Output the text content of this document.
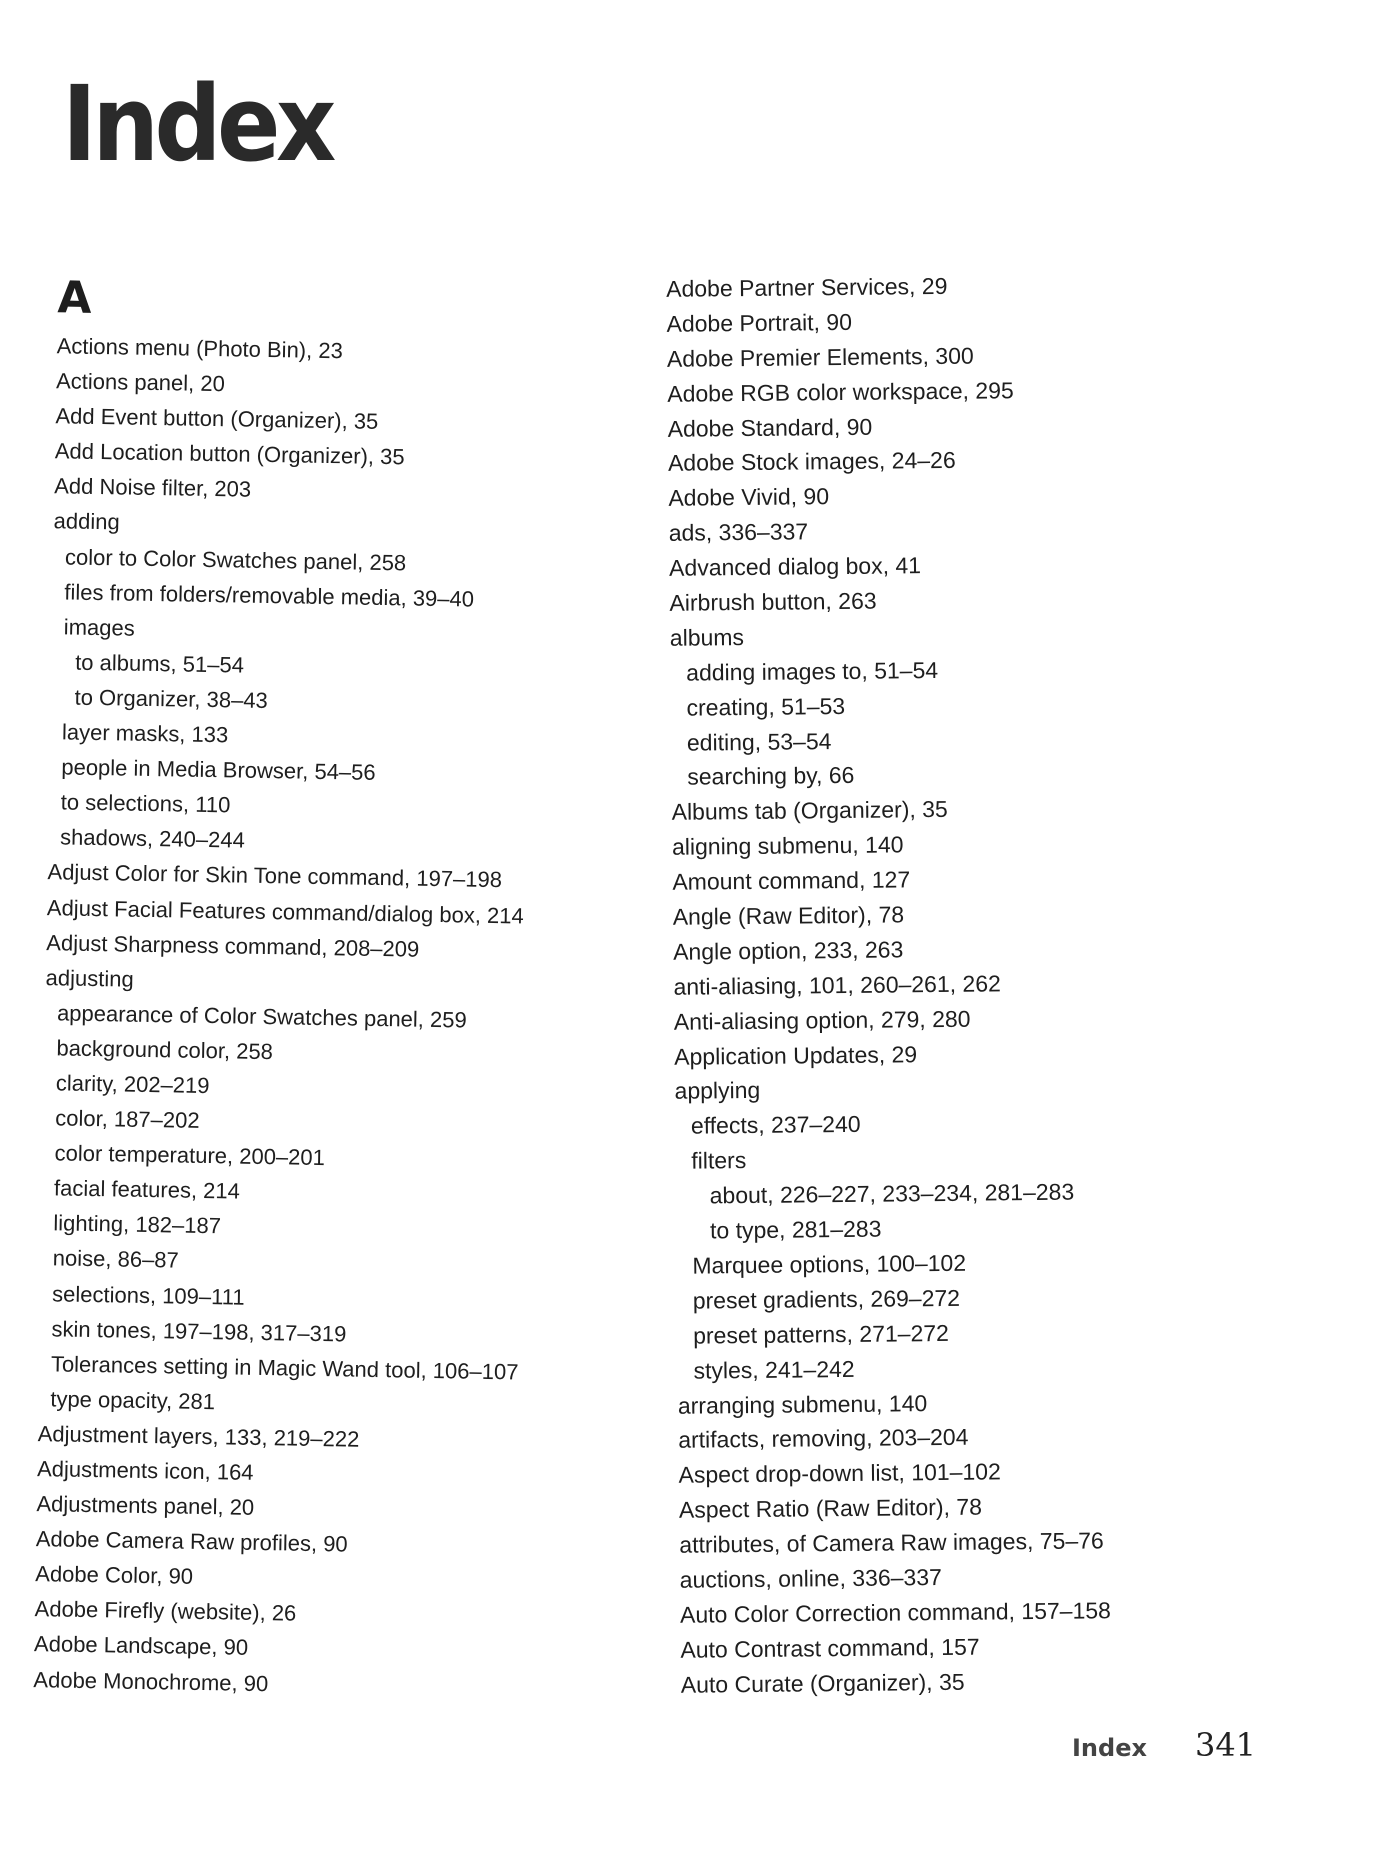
Index
A
Actions menu (Photo Bin), 23
Actions panel, 20
Add Event button (Organizer), 35
Add Location button (Organizer), 35
Add Noise filter, 203
adding
color to Color Swatches panel, 258
files from folders/removable media, 39–40
images
to albums, 51–54
to Organizer, 38–43
layer masks, 133
people in Media Browser, 54–56
to selections, 110
shadows, 240–244
Adjust Color for Skin Tone command, 197–198
Adjust Facial Features command/dialog box, 214
Adjust Sharpness command, 208–209
adjusting
appearance of Color Swatches panel, 259
background color, 258
clarity, 202–219
color, 187–202
color temperature, 200–201
facial features, 214
lighting, 182–187
noise, 86–87
selections, 109–111
skin tones, 197–198, 317–319
Tolerances setting in Magic Wand tool, 106–107
type opacity, 281
Adjustment layers, 133, 219–222
Adjustments icon, 164
Adjustments panel, 20
Adobe Camera Raw profiles, 90
Adobe Color, 90
Adobe Firefly (website), 26
Adobe Landscape, 90
Adobe Monochrome, 90
Adobe Partner Services, 29
Adobe Portrait, 90
Adobe Premier Elements, 300
Adobe RGB color workspace, 295
Adobe Standard, 90
Adobe Stock images, 24–26
Adobe Vivid, 90
ads, 336–337
Advanced dialog box, 41
Airbrush button, 263
albums
adding images to, 51–54
creating, 51–53
editing, 53–54
searching by, 66
Albums tab (Organizer), 35
aligning submenu, 140
Amount command, 127
Angle (Raw Editor), 78
Angle option, 233, 263
anti-aliasing, 101, 260–261, 262
Anti-aliasing option, 279, 280
Application Updates, 29
applying
effects, 237–240
filters
about, 226–227, 233–234, 281–283
to type, 281–283
Marquee options, 100–102
preset gradients, 269–272
preset patterns, 271–272
styles, 241–242
arranging submenu, 140
artifacts, removing, 203–204
Aspect drop-down list, 101–102
Aspect Ratio (Raw Editor), 78
attributes, of Camera Raw images, 75–76
auctions, online, 336–337
Auto Color Correction command, 157–158
Auto Contrast command, 157
Auto Curate (Organizer), 35
Index 341
